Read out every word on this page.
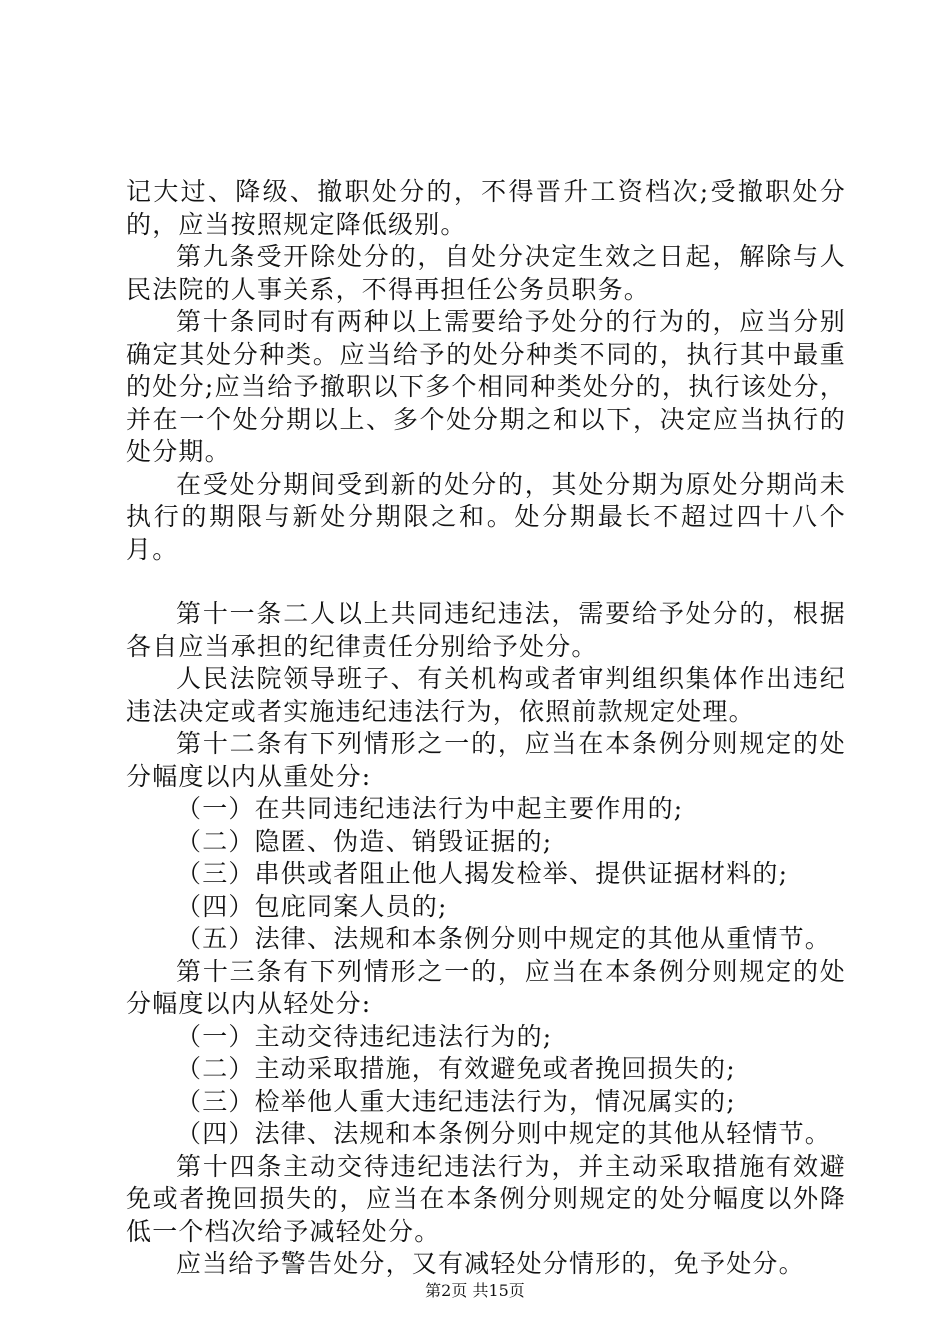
记大过、降级、撤职处分的，不得晋升工资档次;受撤职处分的，应当按照规定降低级别。

第九条受开除处分的，自处分决定生效之日起，解除与人民法院的人事关系，不得再担任公务员职务。

第十条同时有两种以上需要给予处分的行为的，应当分别确定其处分种类。应当给予的处分种类不同的，执行其中最重的处分;应当给予撤职以下多个相同种类处分的，执行该处分，并在一个处分期以上、多个处分期之和以下，决定应当执行的处分期。

在受处分期间受到新的处分的，其处分期为原处分期尚未执行的期限与新处分期限之和。处分期最长不超过四十八个月。

第十一条二人以上共同违纪违法，需要给予处分的，根据各自应当承担的纪律责任分别给予处分。

人民法院领导班子、有关机构或者审判组织集体作出违纪违法决定或者实施违纪违法行为，依照前款规定处理。

第十二条有下列情形之一的，应当在本条例分则规定的处分幅度以内从重处分:

（一）在共同违纪违法行为中起主要作用的;

（二）隐匿、伪造、销毁证据的;

（三）串供或者阻止他人揭发检举、提供证据材料的;

（四）包庇同案人员的;

（五）法律、法规和本条例分则中规定的其他从重情节。

第十三条有下列情形之一的，应当在本条例分则规定的处分幅度以内从轻处分:

（一）主动交待违纪违法行为的;

（二）主动采取措施，有效避免或者挽回损失的;

（三）检举他人重大违纪违法行为，情况属实的;

（四）法律、法规和本条例分则中规定的其他从轻情节。

第十四条主动交待违纪违法行为，并主动采取措施有效避免或者挽回损失的，应当在本条例分则规定的处分幅度以外降低一个档次给予减轻处分。

应当给予警告处分，又有减轻处分情形的，免予处分。

第2页 共15页
